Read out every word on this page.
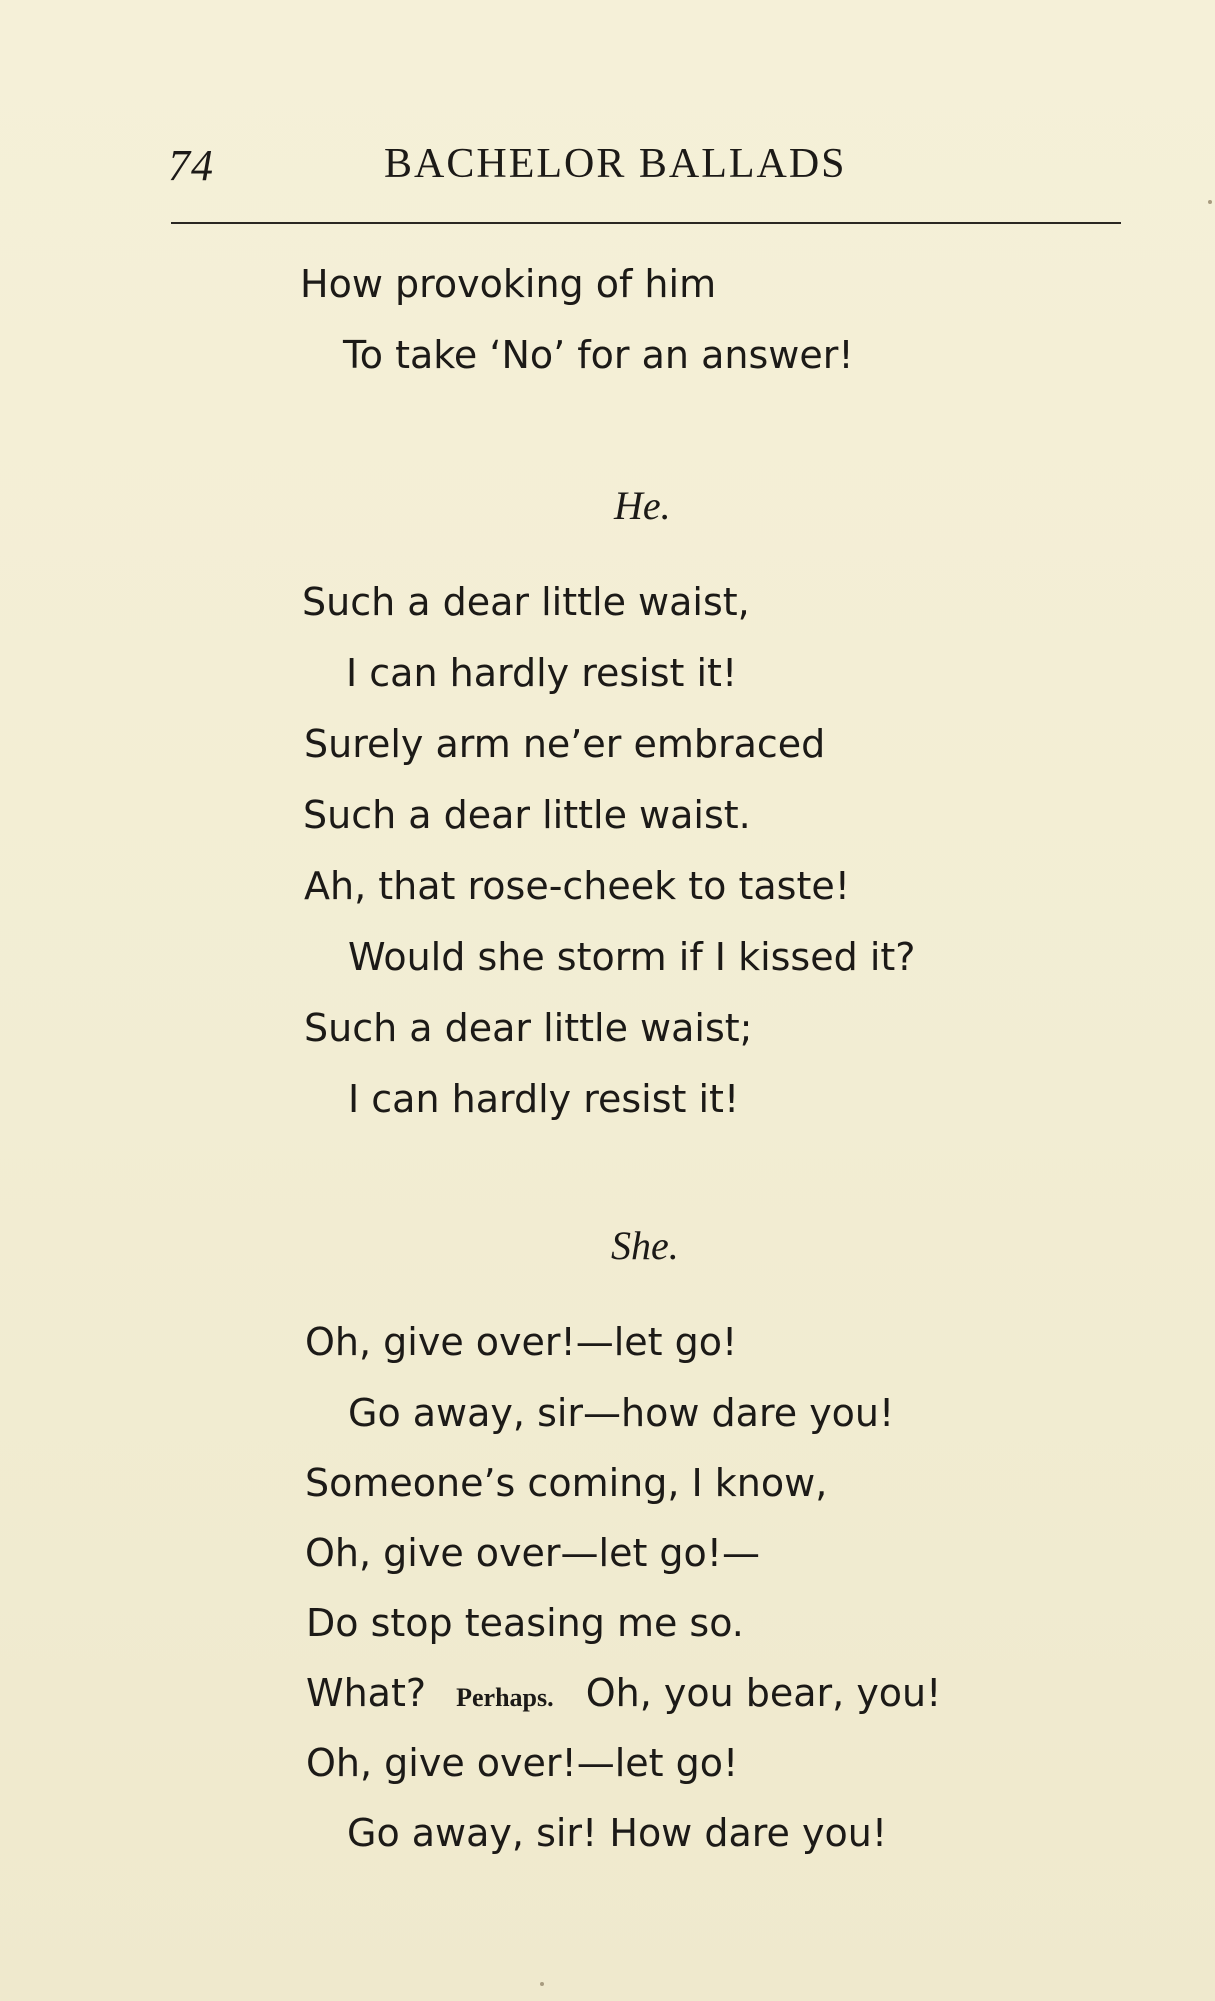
74	BACHELOR BALLADS
How provoking of him
To take ‘No’ for an answer!
He.
Such a dear little waist,
I can hardly resist it!
Surely arm ne’er embraced
Such a dear little waist.
Ah, that rose-cheek to taste!
Would she storm if I kissed it?
Such a dear little waist;
I can hardly resist it!
She.
Oh, give over!—let go!
Go away, sir—how dare you!
Someone’s coming, I know,
Oh, give over—let go!—
Do stop teasing me so.
What? Perhaps. Oh, you bear, you!
Oh, give over!—let go!
Go away, sir! How dare you!
